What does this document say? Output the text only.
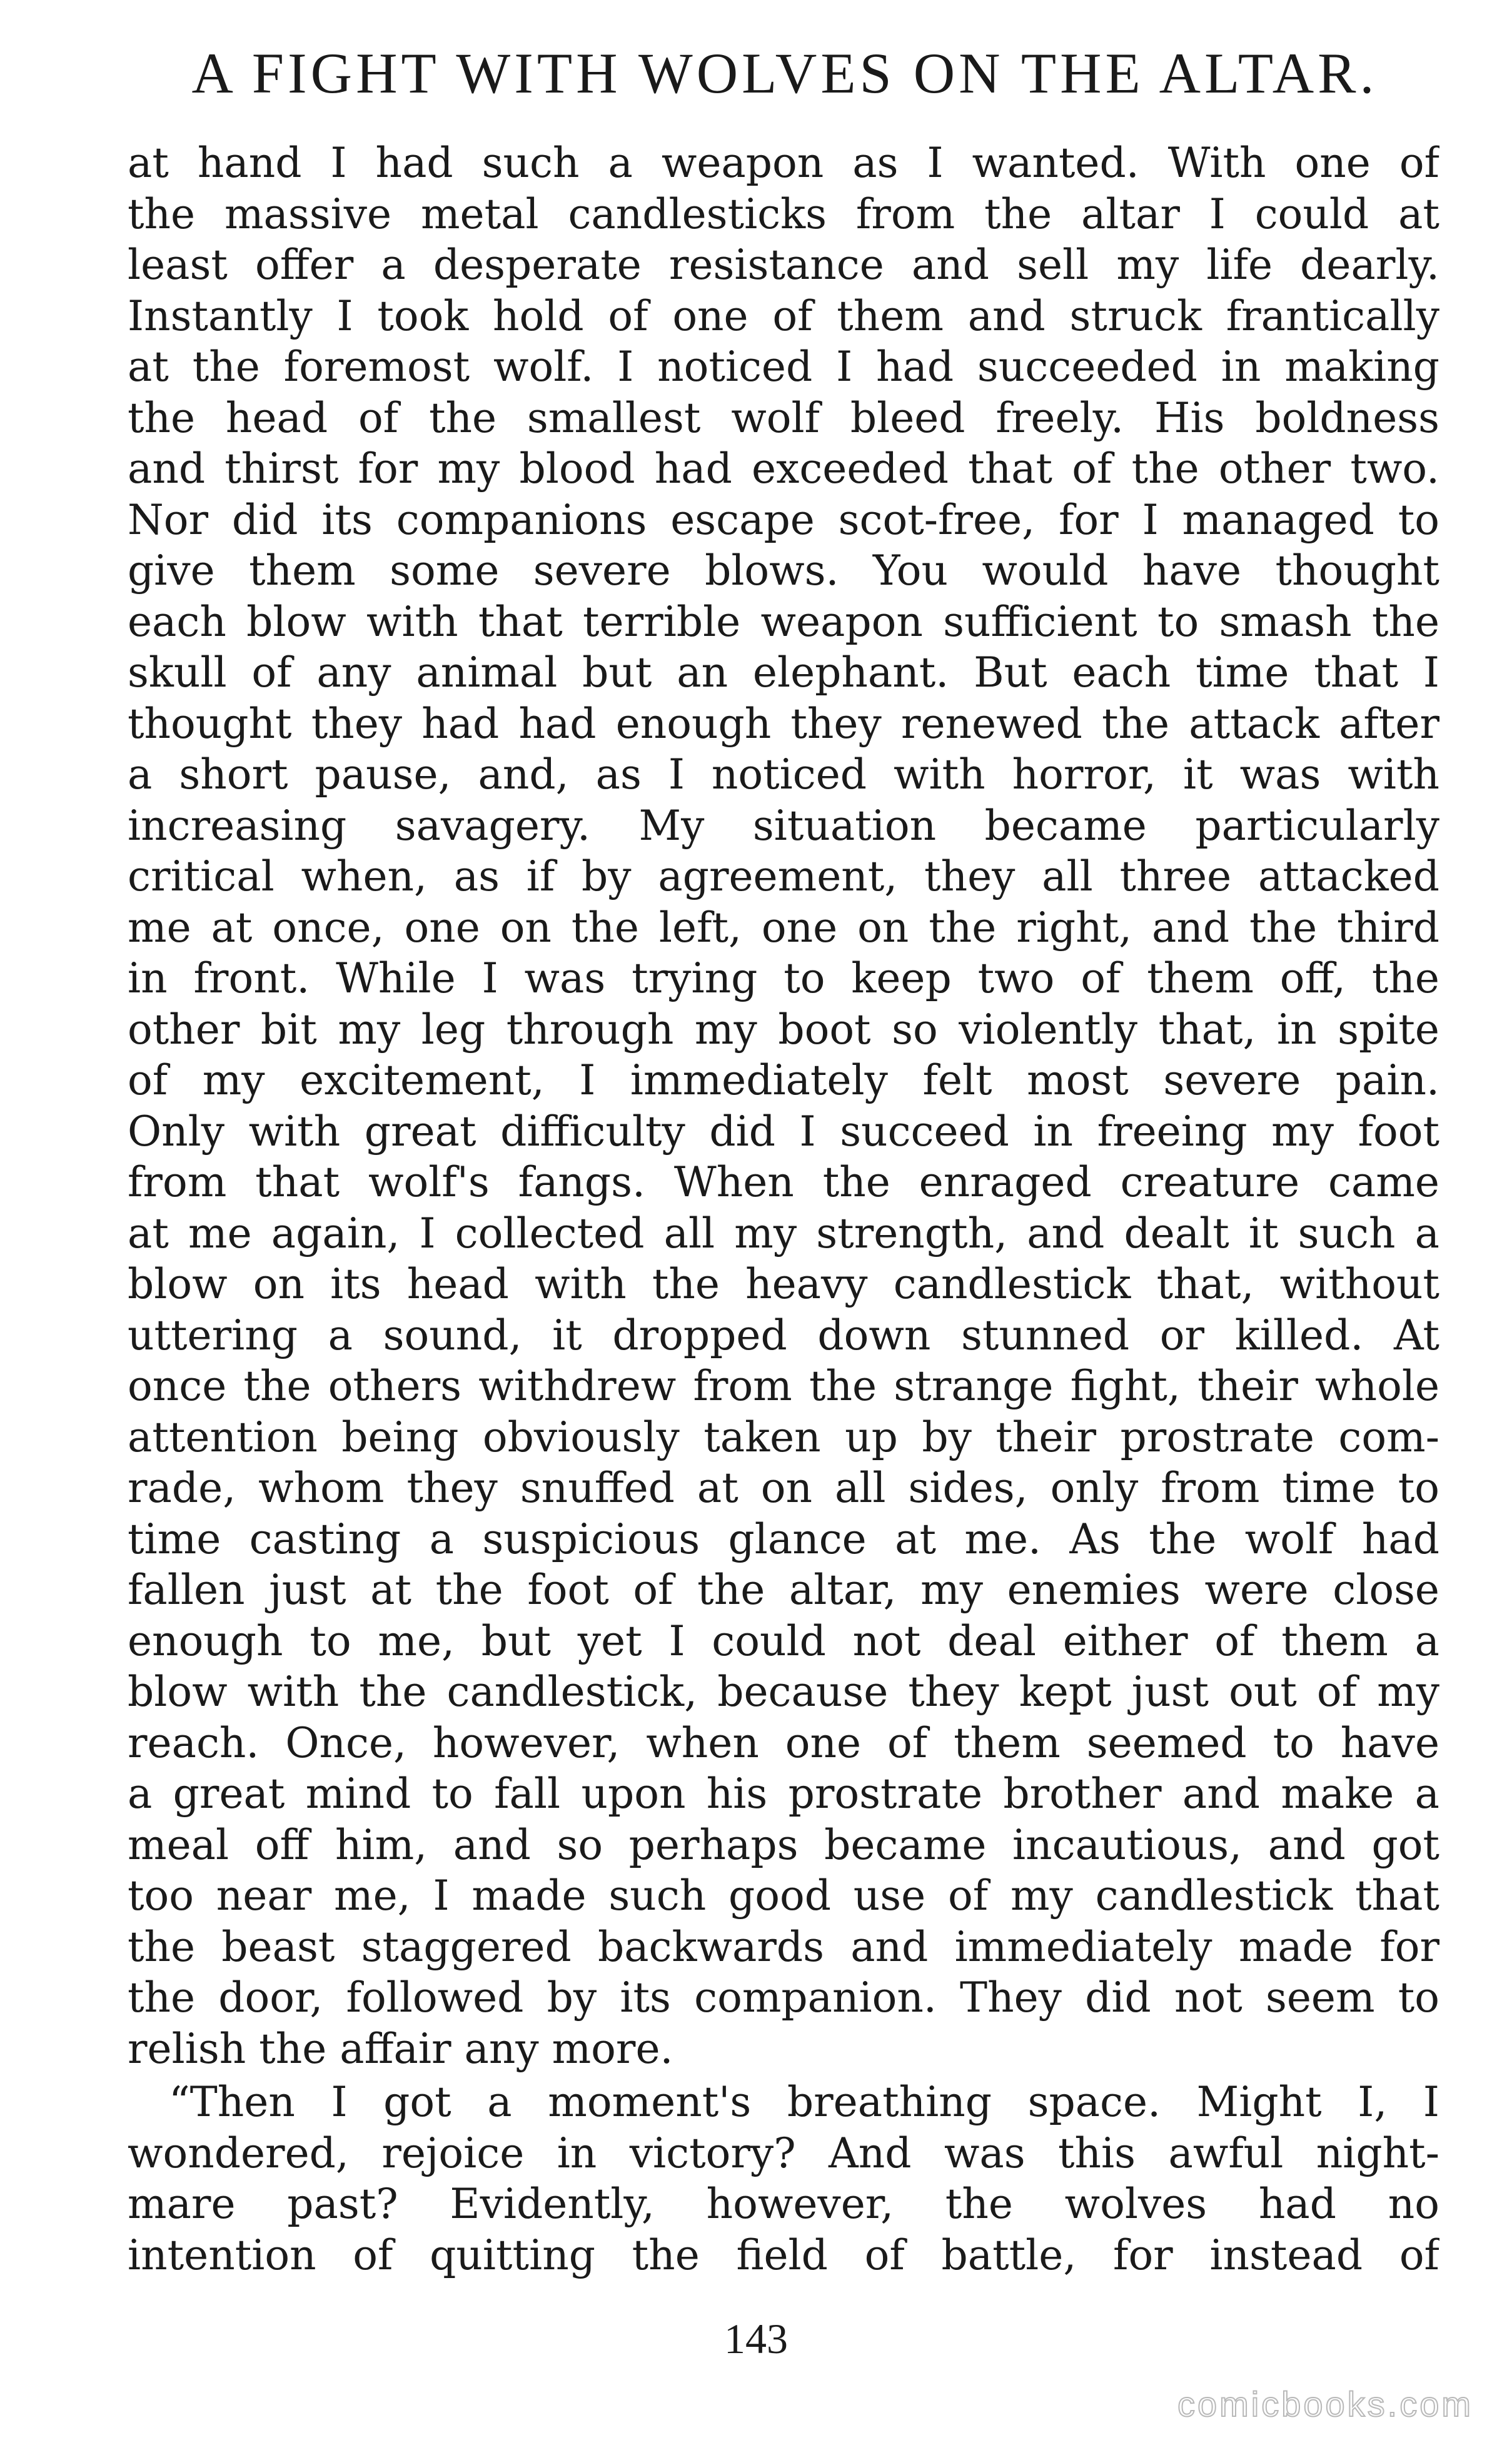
A FIGHT WITH WOLVES ON THE ALTAR.
at hand I had such a weapon as I wanted. With one of
the massive metal candlesticks from the altar I could at
least offer a desperate resistance and sell my life dearly.
Instantly I took hold of one of them and struck frantically
at the foremost wolf. I noticed I had succeeded in making
the head of the smallest wolf bleed freely. His boldness
and thirst for my blood had exceeded that of the other two.
Nor did its companions escape scot-free, for I managed to
give them some severe blows. You would have thought
each blow with that terrible weapon sufficient to smash the
skull of any animal but an elephant. But each time that I
thought they had had enough they renewed the attack after
a short pause, and, as I noticed with horror, it was with
increasing savagery. My situation became particularly
critical when, as if by agreement, they all three attacked
me at once, one on the left, one on the right, and the third
in front. While I was trying to keep two of them off, the
other bit my leg through my boot so violently that, in spite
of my excitement, I immediately felt most severe pain.
Only with great difficulty did I succeed in freeing my foot
from that wolf's fangs. When the enraged creature came
at me again, I collected all my strength, and dealt it such a
blow on its head with the heavy candlestick that, without
uttering a sound, it dropped down stunned or killed. At
once the others withdrew from the strange fight, their whole
attention being obviously taken up by their prostrate com-
rade, whom they snuffed at on all sides, only from time to
time casting a suspicious glance at me. As the wolf had
fallen just at the foot of the altar, my enemies were close
enough to me, but yet I could not deal either of them a
blow with the candlestick, because they kept just out of my
reach. Once, however, when one of them seemed to have
a great mind to fall upon his prostrate brother and make a
meal off him, and so perhaps became incautious, and got
too near me, I made such good use of my candlestick that
the beast staggered backwards and immediately made for
the door, followed by its companion. They did not seem to
relish the affair any more.
“Then I got a moment's breathing space. Might I, I
wondered, rejoice in victory? And was this awful night-
mare past? Evidently, however, the wolves had no
intention of quitting the field of battle, for instead of
143
comicbooks.com
